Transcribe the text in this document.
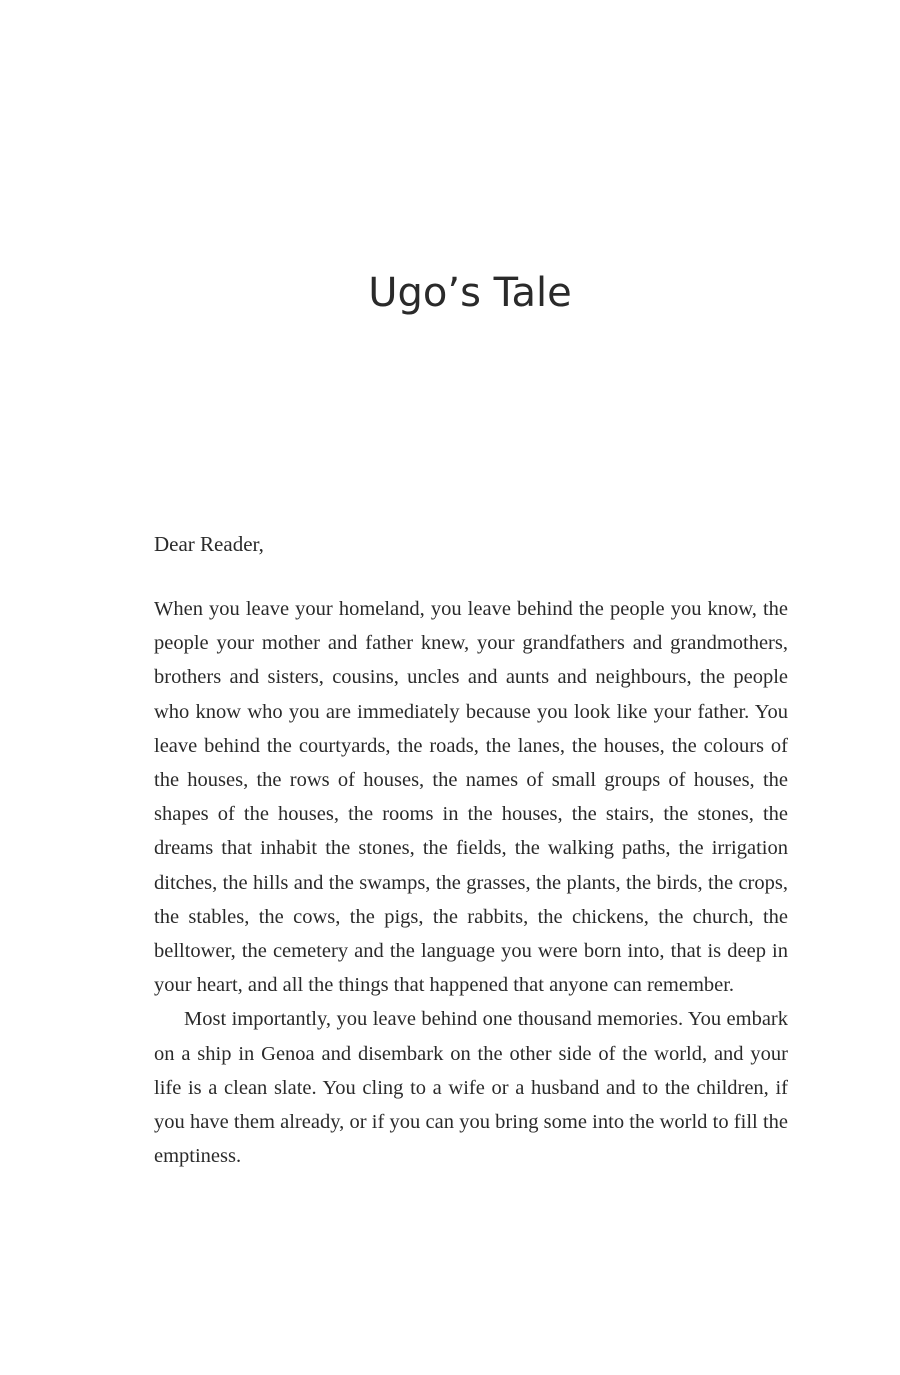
Ugo’s Tale

Dear Reader,

When you leave your homeland, you leave behind the people you know, the people your mother and father knew, your grandfathers and grandmothers, brothers and sisters, cousins, uncles and aunts and neighbours, the people who know who you are immediately because you look like your father. You leave behind the courtyards, the roads, the lanes, the houses, the colours of the houses, the rows of houses, the names of small groups of houses, the shapes of the houses, the rooms in the houses, the stairs, the stones, the dreams that inhabit the stones, the fields, the walking paths, the irrigation ditches, the hills and the swamps, the grasses, the plants, the birds, the crops, the stables, the cows, the pigs, the rabbits, the chickens, the church, the belltower, the cemetery and the language you were born into, that is deep in your heart, and all the things that happened that anyone can remember.

Most importantly, you leave behind one thousand memories. You embark on a ship in Genoa and disembark on the other side of the world, and your life is a clean slate. You cling to a wife or a husband and to the children, if you have them already, or if you can you bring some into the world to fill the emptiness.
